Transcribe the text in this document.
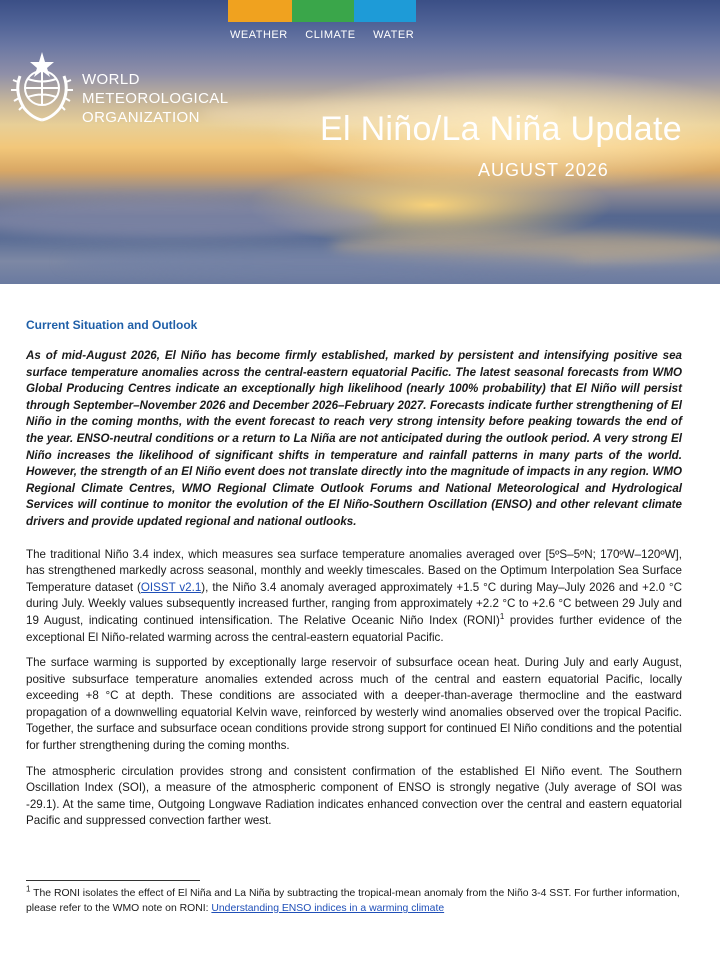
WEATHER CLIMATE WATER
WORLD
METEOROLOGICAL
ORGANIZATION	El Niño/La Niña Update
AUGUST 2026
Current Situation and Outlook

As of mid-August 2026, El Niño has become firmly established, marked by persistent and intensifying positive sea surface temperature anomalies across the central-eastern equatorial Pacific. The latest seasonal forecasts from WMO Global Producing Centres indicate an exceptionally high likelihood (nearly 100% probability) that El Niño will persist through September–November 2026 and December 2026–February 2027. Forecasts indicate further strengthening of El Niño in the coming months, with the event forecast to reach very strong intensity before peaking towards the end of the year. ENSO-neutral conditions or a return to La Niña are not anticipated during the outlook period. A very strong El Niño increases the likelihood of significant shifts in temperature and rainfall patterns in many parts of the world. However, the strength of an El Niño event does not translate directly into the magnitude of impacts in any region. WMO Regional Climate Centres, WMO Regional Climate Outlook Forums and National Meteorological and Hydrological Services will continue to monitor the evolution of the El Niño-Southern Oscillation (ENSO) and other relevant climate drivers and provide updated regional and national outlooks.

The traditional Niño 3.4 index, which measures sea surface temperature anomalies averaged over [5ºS–5ºN; 170ºW–120ºW], has strengthened markedly across seasonal, monthly and weekly timescales. Based on the Optimum Interpolation Sea Surface Temperature dataset (OISST v2.1), the Niño 3.4 anomaly averaged approximately +1.5 °C during May–July 2026 and +2.0 °C during July. Weekly values subsequently increased further, ranging from approximately +2.2 °C to +2.6 °C between 29 July and 19 August, indicating continued intensification. The Relative Oceanic Niño Index (RONI)$^1$ provides further evidence of the exceptional El Niño-related warming across the central-eastern equatorial Pacific.

The surface warming is supported by exceptionally large reservoir of subsurface ocean heat. During July and early August, positive subsurface temperature anomalies extended across much of the central and eastern equatorial Pacific, locally exceeding +8 °C at depth. These conditions are associated with a deeper-than-average thermocline and the eastward propagation of a downwelling equatorial Kelvin wave, reinforced by westerly wind anomalies observed over the tropical Pacific. Together, the surface and subsurface ocean conditions provide strong support for continued El Niño conditions and the potential for further strengthening during the coming months.

The atmospheric circulation provides strong and consistent confirmation of the established El Niño event. The Southern Oscillation Index (SOI), a measure of the atmospheric component of ENSO is strongly negative (July average of SOI was -29.1). At the same time, Outgoing Longwave Radiation indicates enhanced convection over the central and eastern equatorial Pacific and suppressed convection farther west.

$^1$ The RONI isolates the effect of El Niña and La Niña by subtracting the tropical-mean anomaly from the Niño 3-4 SST. For further information, please refer to the WMO note on RONI: Understanding ENSO indices in a warming climate
